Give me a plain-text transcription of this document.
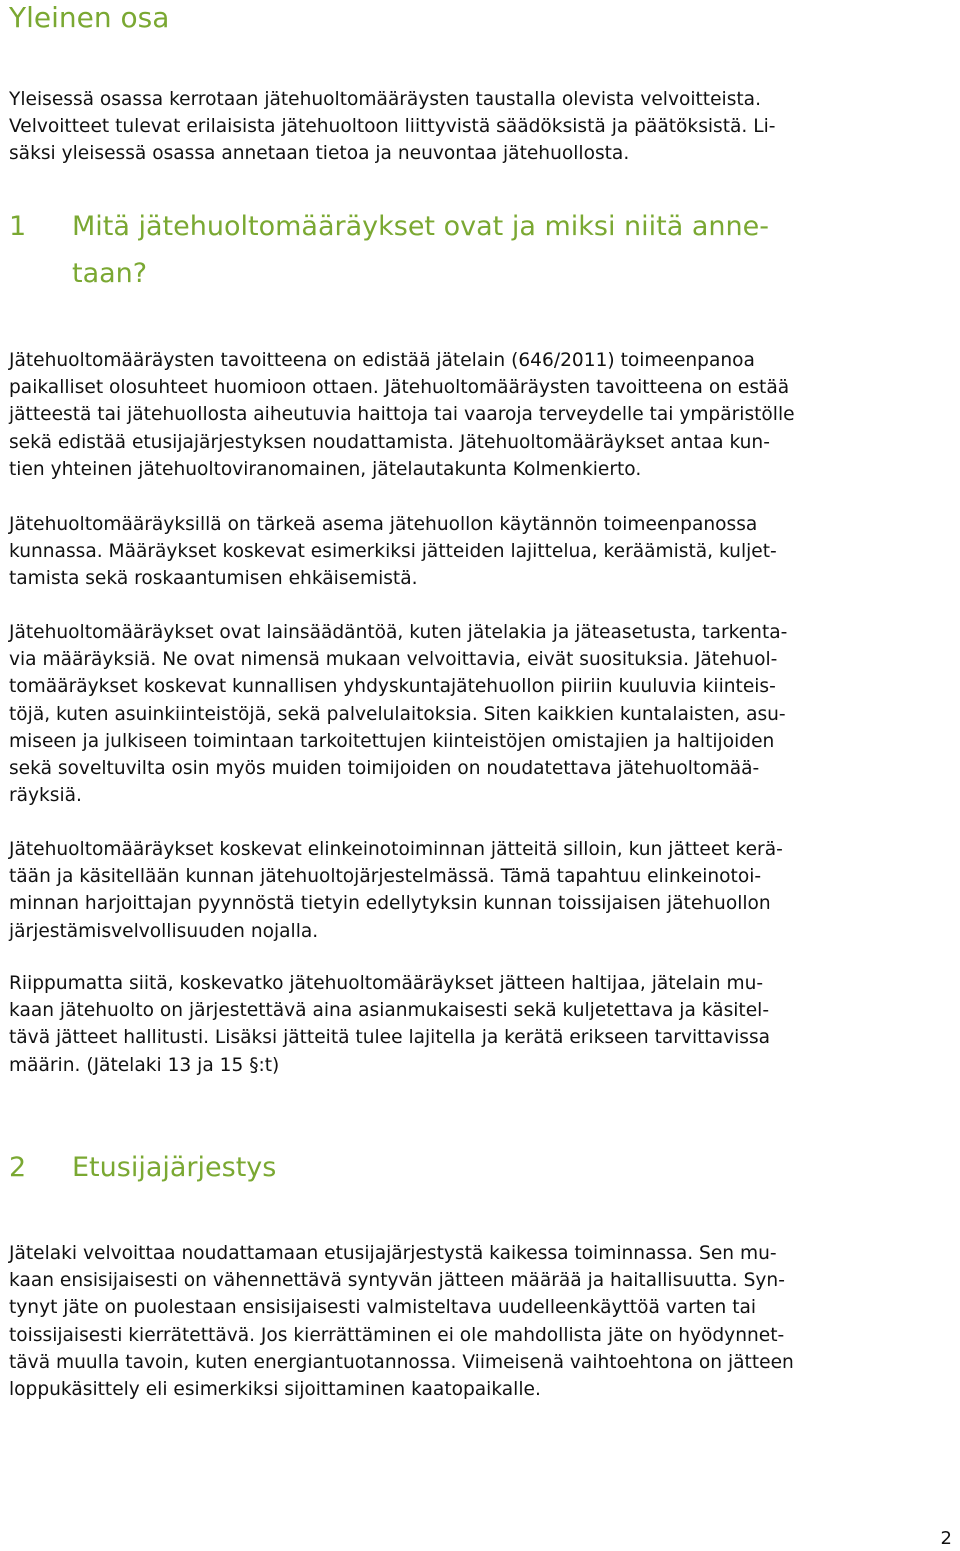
Yleinen osa

Yleisessä osassa kerrotaan jätehuoltomääräysten taustalla olevista velvoitteista.
Velvoitteet tulevat erilaisista jätehuoltoon liittyvistä säädöksistä ja päätöksistä. Li-
säksi yleisessä osassa annetaan tietoa ja neuvontaa jätehuollosta.

1 Mitä jätehuoltomääräykset ovat ja miksi niitä anne-
taan?

Jätehuoltomääräysten tavoitteena on edistää jätelain (646/2011) toimeenpanoa
paikalliset olosuhteet huomioon ottaen. Jätehuoltomääräysten tavoitteena on estää
jätteestä tai jätehuollosta aiheutuvia haittoja tai vaaroja terveydelle tai ympäristölle
sekä edistää etusijajärjestyksen noudattamista. Jätehuoltomääräykset antaa kun-
tien yhteinen jätehuoltoviranomainen, jätelautakunta Kolmenkierto.

Jätehuoltomääräyksillä on tärkeä asema jätehuollon käytännön toimeenpanossa
kunnassa. Määräykset koskevat esimerkiksi jätteiden lajittelua, keräämistä, kuljet-
tamista sekä roskaantumisen ehkäisemistä.

Jätehuoltomääräykset ovat lainsäädäntöä, kuten jätelakia ja jäteasetusta, tarkenta-
via määräyksiä. Ne ovat nimensä mukaan velvoittavia, eivät suosituksia. Jätehuol-
tomääräykset koskevat kunnallisen yhdyskuntajätehuollon piiriin kuuluvia kiinteis-
töjä, kuten asuinkiinteistöjä, sekä palvelulaitoksia. Siten kaikkien kuntalaisten, asu-
miseen ja julkiseen toimintaan tarkoitettujen kiinteistöjen omistajien ja haltijoiden
sekä soveltuvilta osin myös muiden toimijoiden on noudatettava jätehuoltomää-
räyksiä.

Jätehuoltomääräykset koskevat elinkeinotoiminnan jätteitä silloin, kun jätteet kerä-
tään ja käsitellään kunnan jätehuoltojärjestelmässä. Tämä tapahtuu elinkeinotoi-
minnan harjoittajan pyynnöstä tietyin edellytyksin kunnan toissijaisen jätehuollon
järjestämisvelvollisuuden nojalla.

Riippumatta siitä, koskevatko jätehuoltomääräykset jätteen haltijaa, jätelain mu-
kaan jätehuolto on järjestettävä aina asianmukaisesti sekä kuljetettava ja käsitel-
tävä jätteet hallitusti. Lisäksi jätteitä tulee lajitella ja kerätä erikseen tarvittavissa
määrin. (Jätelaki 13 ja 15 §:t)

2 Etusijajärjestys

Jätelaki velvoittaa noudattamaan etusijajärjestystä kaikessa toiminnassa. Sen mu-
kaan ensisijaisesti on vähennettävä syntyvän jätteen määrää ja haitallisuutta. Syn-
tynyt jäte on puolestaan ensisijaisesti valmisteltava uudelleenkäyttöä varten tai
toissijaisesti kierrätettävä. Jos kierrättäminen ei ole mahdollista jäte on hyödynnet-
tävä muulla tavoin, kuten energiantuotannossa. Viimeisenä vaihtoehtona on jätteen
loppukäsittely eli esimerkiksi sijoittaminen kaatopaikalle.

2
